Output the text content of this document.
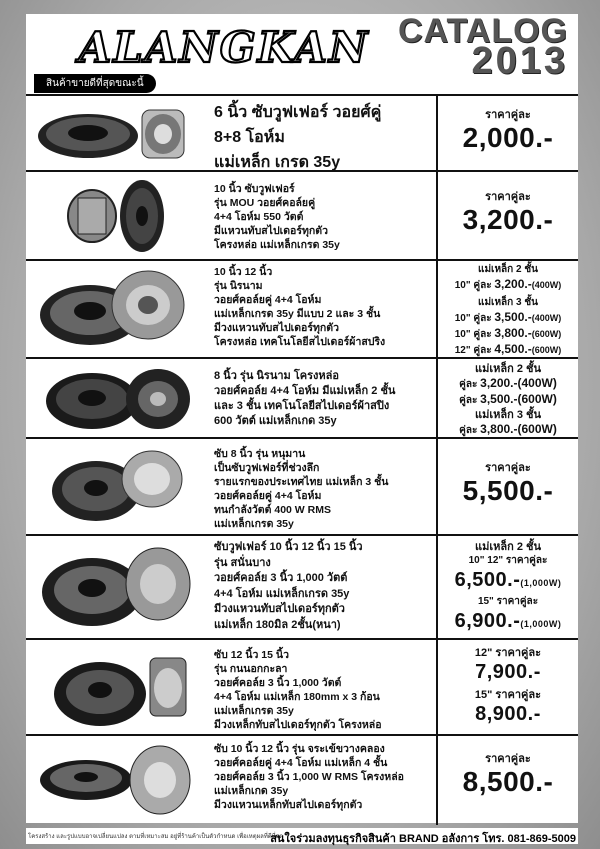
ALANGKAN
สินค้าขายดีที่สุดขณะนี้
CATALOG
2013
6 นิ้ว ซับวูฟเฟอร์ วอยศ์คู่
8+8 โอห์ม
แม่เหล็ก เกรด 35y
ราคาคู่ละ
2,000.-
10 นิ้ว ซับวูฟเฟอร์
รุ่น MOU วอยศ์คอล์ยคู่
4+4 โอห์ม 550 วัตต์
มีแหวนทับสไปเดอร์ทุกตัว
โครงหล่อ แม่เหล็กเกรด 35y
ราคาคู่ละ
3,200.-
10 นิ้ว 12 นิ้ว
รุ่น นิรนาม
วอยศ์คอล์ยคู่ 4+4 โอห์ม
แม่เหล็กเกรด 35y มีแบบ 2 และ 3 ชั้น
มีวงแหวนทับสไปเดอร์ทุกตัว
โครงหล่อ เทคโนโลยีสไปเดอร์ผ้าสปริง
แม่เหล็ก 2 ชั้น
10" คู่ละ 3,200.-(400W)
แม่เหล็ก 3 ชั้น
10" คู่ละ 3,500.-(400W)
10" คู่ละ 3,800.-(600W)
12" คู่ละ 4,500.-(600W)
8 นิ้ว รุ่น นิรนาม โครงหล่อ
วอยศ์คอล์ย 4+4 โอห์ม มีแม่เหล็ก 2 ชั้น
และ 3 ชั้น เทคโนโลยีสไปเดอร์ผ้าสปิง
600 วัตต์ แม่เหล็กเกด 35y
แม่เหล็ก 2 ชั้น
คู่ละ 3,200.-(400W)
คู่ละ 3,500.-(600W)
แม่เหล็ก 3 ชั้น
คู่ละ 3,800.-(600W)
ซับ 8 นิ้ว รุ่น หนุมาน
เป็นซับวูฟเฟอร์ที่ช่วงลึก
รายแรกของประเทศไทย แม่เหล็ก 3 ชั้น
วอยศ์คอล์ยคู่ 4+4 โอห์ม
ทนกำลังวัตต์ 400 W RMS
แม่เหล็กเกรด 35y
ราคาคู่ละ
5,500.-
ซับวูฟเฟอร์ 10 นิ้ว 12 นิ้ว 15 นิ้ว
รุ่น สนั่นบาง
วอยศ์คอล์ย 3 นิ้ว 1,000 วัตต์
4+4 โอห์ม แม่เหล็กเกรด 35y
มีวงแหวนทับสไปเดอร์ทุกตัว
แม่เหล็ก 180มิล 2ชั้น(หนา)
แม่เหล็ก 2 ชั้น
10" 12" ราคาคู่ละ
6,500.-(1,000W)
15" ราคาคู่ละ
6,900.-(1,000W)
ซับ 12 นิ้ว 15 นิ้ว
รุ่น กนนอกกะลา
วอยศ์คอล์ย 3 นิ้ว 1,000 วัตต์
4+4 โอห์ม แม่เหล็ก 180mm x 3 ก้อน
แม่เหล็กเกรด 35y
มีวงเหล็กทับสไปเดอร์ทุกตัว โครงหล่อ
12" ราคาคู่ละ
7,900.-
15" ราคาคู่ละ
8,900.-
ซับ 10 นิ้ว 12 นิ้ว รุ่น จระเข้ขวางคลอง
วอยศ์คอล์ยคู่ 4+4 โอห์ม แม่เหล็ก 4 ชั้น
วอยศ์คอล์ย 3 นิ้ว 1,000 W RMS โครงหล่อ
แม่เหล็กเกด 35y
มีวงแหวนเหล็กทับสไปเดอร์ทุกตัว
ราคาคู่ละ
8,500.-
โครงสร้าง และรูปแบบอาจเปลี่ยนแปลง ตามที่เหมาะสม อยู่ที่ร้านค้าเป็นตัวกำหนด เพื่อเหตุผลที่ดีที่สุด
สนใจร่วมลงทุนธุรกิจสินค้า BRAND อลังการ โทร. 081-869-5009
